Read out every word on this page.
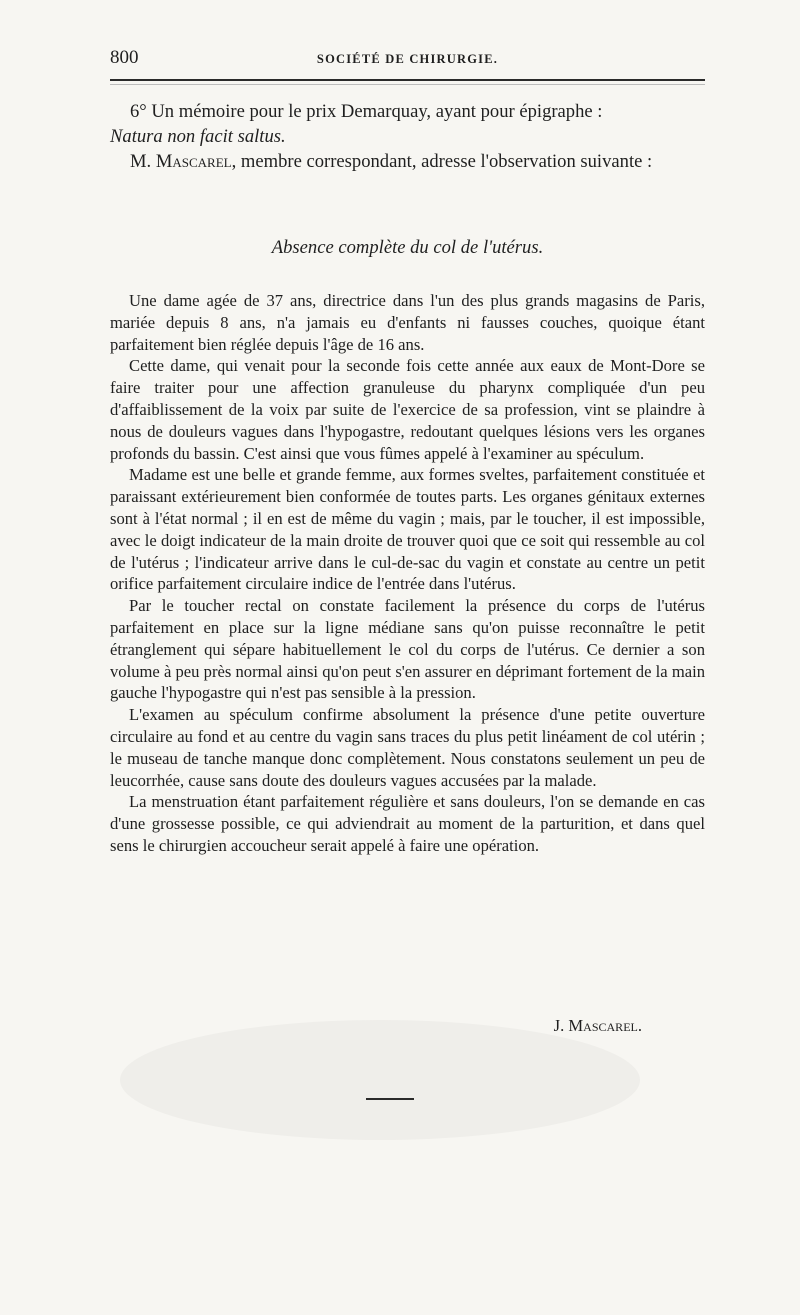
800	SOCIÉTÉ DE CHIRURGIE.

6° Un mémoire pour le prix Demarquay, ayant pour épigraphe :
Natura non facit saltus.

M. Mascarel, membre correspondant, adresse l'observation suivante :

Absence complète du col de l'utérus.

Une dame agée de 37 ans, directrice dans l'un des plus grands magasins de Paris, mariée depuis 8 ans, n'a jamais eu d'enfants ni fausses couches, quoique étant parfaitement bien réglée depuis l'âge de 16 ans.

Cette dame, qui venait pour la seconde fois cette année aux eaux de Mont-Dore se faire traiter pour une affection granuleuse du pharynx compliquée d'un peu d'affaiblissement de la voix par suite de l'exercice de sa profession, vint se plaindre à nous de douleurs vagues dans l'hypogastre, redoutant quelques lésions vers les organes profonds du bassin. C'est ainsi que vous fûmes appelé à l'examiner au spéculum.

Madame est une belle et grande femme, aux formes sveltes, parfaitement constituée et paraissant extérieurement bien conformée de toutes parts. Les organes génitaux externes sont à l'état normal ; il en est de même du vagin ; mais, par le toucher, il est impossible, avec le doigt indicateur de la main droite de trouver quoi que ce soit qui ressemble au col de l'utérus ; l'indicateur arrive dans le cul-de-sac du vagin et constate au centre un petit orifice parfaitement circulaire indice de l'entrée dans l'utérus.

Par le toucher rectal on constate facilement la présence du corps de l'utérus parfaitement en place sur la ligne médiane sans qu'on puisse reconnaître le petit étranglement qui sépare habituellement le col du corps de l'utérus. Ce dernier a son volume à peu près normal ainsi qu'on peut s'en assurer en déprimant fortement de la main gauche l'hypogastre qui n'est pas sensible à la pression.

L'examen au spéculum confirme absolument la présence d'une petite ouverture circulaire au fond et au centre du vagin sans traces du plus petit linéament de col utérin ; le museau de tanche manque donc complètement. Nous constatons seulement un peu de leucorrhée, cause sans doute des douleurs vagues accusées par la malade.

La menstruation étant parfaitement régulière et sans douleurs, l'on se demande en cas d'une grossesse possible, ce qui adviendrait au moment de la parturition, et dans quel sens le chirurgien accoucheur serait appelé à faire une opération.

J. Mascarel.
